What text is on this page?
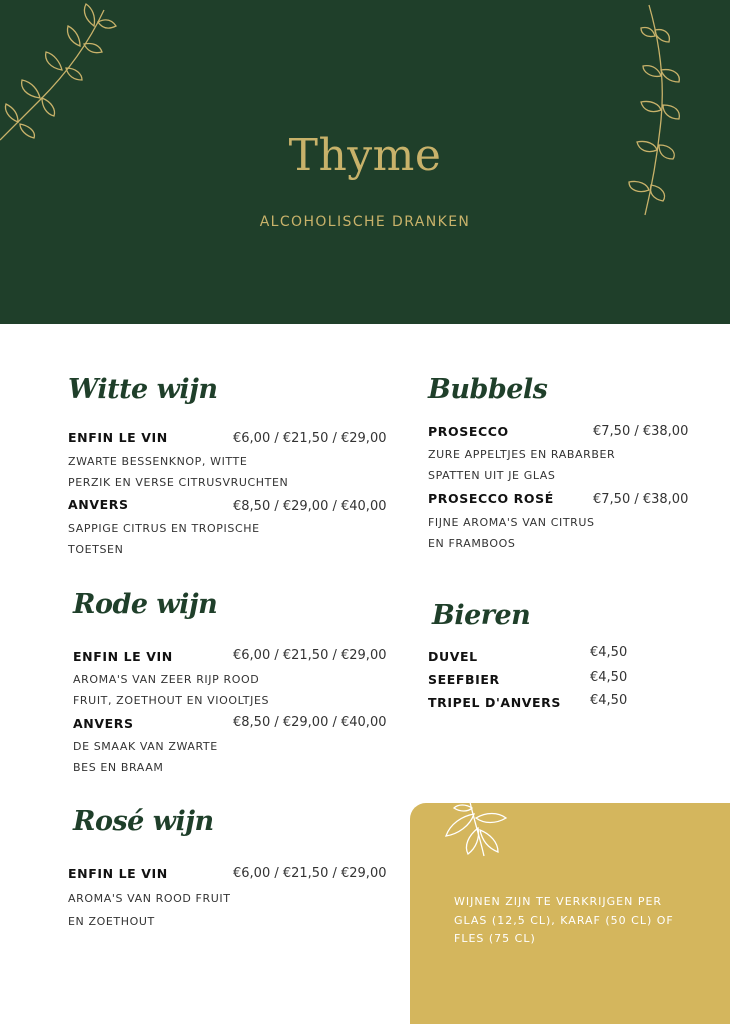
Thyme
ALCOHOLISCHE DRANKEN
Witte wijn
ENFIN LE VIN	€6,00 / €21,50 / €29,00
ZWARTE BESSENKNOP, WITTE
PERZIK EN VERSE CITRUSVRUCHTEN
ANVERS	€8,50 / €29,00 / €40,00
SAPPIGE CITRUS EN TROPISCHE
TOETSEN
Rode wijn
ENFIN LE VIN	€6,00 / €21,50 / €29,00
AROMA'S VAN ZEER RIJP ROOD
FRUIT, ZOETHOUT EN VIOOLTJES
ANVERS	€8,50 / €29,00 / €40,00
DE SMAAK VAN ZWARTE
BES EN BRAAM
Rosé wijn
ENFIN LE VIN	€6,00 / €21,50 / €29,00
AROMA'S VAN ROOD FRUIT
EN ZOETHOUT
Bubbels
PROSECCO	€7,50 / €38,00
ZURE APPELTJES EN RABARBER
SPATTEN UIT JE GLAS
PROSECCO ROSÉ	€7,50 / €38,00
FIJNE AROMA'S VAN CITRUS
EN FRAMBOOS
Bieren
DUVEL	€4,50
SEEFBIER	€4,50
TRIPEL D'ANVERS €4,50
WIJNEN ZIJN TE VERKRIJGEN PER GLAS (12,5 CL), KARAF (50 CL) OF FLES (75 CL)
